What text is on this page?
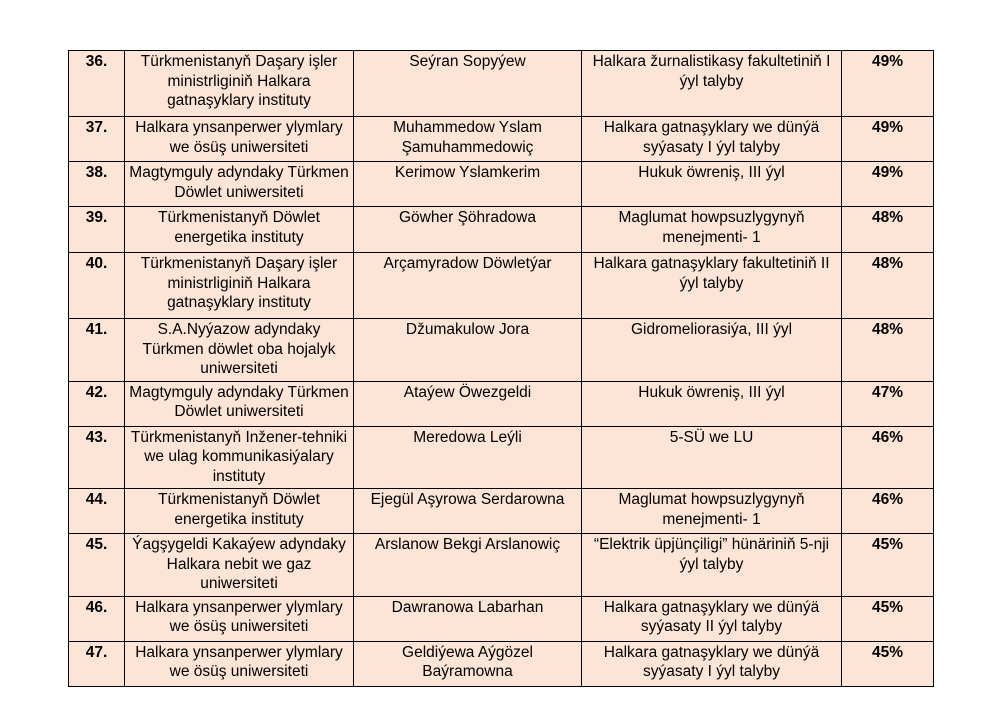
36.	Türkmenistanyň Daşary işler ministrliginiň Halkara gatnaşyklary instituty	Seýran Sopyýew	Halkara žurnalistikasy fakultetiniň I ýyl talyby	49%
37.	Halkara ynsanperwer ylymlary we ösüş uniwersiteti	Muhammedow Yslam Şamuhammedowiç	Halkara gatnaşyklary we dünýä syýasaty I ýyl talyby	49%
38.	Magtymguly adyndaky Türkmen Döwlet uniwersiteti	Kerimow Yslamkerim	Hukuk öwreniş, III ýyl	49%
39.	Türkmenistanyň Döwlet energetika instituty	Göwher Şöhradowa	Maglumat howpsuzlygynyň menejmenti- 1	48%
40.	Türkmenistanyň Daşary işler ministrliginiň Halkara gatnaşyklary instituty	Arçamyradow Döwletýar	Halkara gatnaşyklary fakultetiniň II ýyl talyby	48%
41.	S.A.Nyýazow adyndaky Türkmen döwlet oba hojalyk uniwersiteti	Džumakulow Jora	Gidromeliorasiýa, III ýyl	48%
42.	Magtymguly adyndaky Türkmen Döwlet uniwersiteti	Ataýew Öwezgeldi	Hukuk öwreniş, III ýyl	47%
43.	Türkmenistanyň Inžener-tehniki we ulag kommunikasiýalary instituty	Meredowa Leýli	5-SÜ we LU	46%
44.	Türkmenistanyň Döwlet energetika instituty	Ejegül Aşyrowa Serdarowna	Maglumat howpsuzlygynyň menejmenti- 1	46%
45.	Ýagşygeldi Kakaýew adyndaky Halkara nebit we gaz uniwersiteti	Arslanow Bekgi Arslanowiç	“Elektrik üpjünçiligi” hünäriniň 5-nji ýyl talyby	45%
46.	Halkara ynsanperwer ylymlary we ösüş uniwersiteti	Dawranowa Labarhan	Halkara gatnaşyklary we dünýä syýasaty II ýyl talyby	45%
47.	Halkara ynsanperwer ylymlary we ösüş uniwersiteti	Geldiýewa Aýgözel Baýramowna	Halkara gatnaşyklary we dünýä syýasaty I ýyl talyby	45%
